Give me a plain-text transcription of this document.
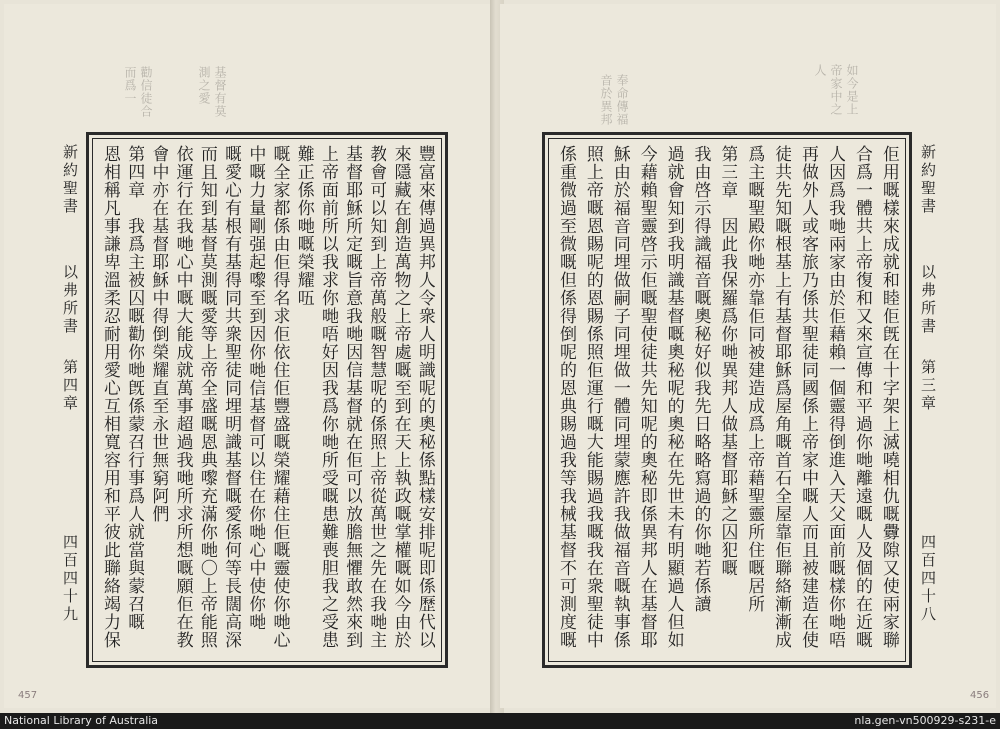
勸信徒合
而爲一	基督有莫
測之愛
新約聖書
以弗所書
第四章
四百四十九	豐富來傳過異邦人令衆人明識呢的奧秘係點樣安排呢即係歷代以
來隱藏在創造萬物之上帝處嘅至到在天上執政嘅掌權嘅如今由於
教會可以知到上帝萬般嘅智慧呢的係照上帝從萬世之先在我哋主
基督耶穌所定嘅旨意我哋因信基督就在佢可以放膽無懼敢然來到
上帝面前所以我求你哋唔好因我爲你哋所受嘅患難喪胆我之受患
難正係你哋嘅榮耀㕶
嘅全家都係由佢得名求佢依住佢豐盛嘅榮耀藉住佢嘅靈使你哋心
中嘅力量剛强起嚟至到因你哋信基督可以住在你哋心中使你哋
嘅愛心有根有基得同共衆聖徒同埋明識基督嘅愛係何等長闊高深
而且知到基督莫測嘅愛等上帝全盛嘅恩典嚟充滿你哋〇上帝能照
依運行在我哋心中嘅大能成就萬事超過我哋所求所想嘅願佢在教
會中亦在基督耶穌中得倒榮耀直至永世無窮阿們
第四章　我爲主被囚嘅勸你哋旣係蒙召行事爲人就當與蒙召嘅
恩相稱凡事謙卑溫柔忍耐用愛心互相寬容用和平彼此聯絡竭力保
457
如今是上
帝家中之
人
奉命傳福
音於異邦
新約聖書
以弗所書
第三章
四百四十八
佢用嘅樣來成就和睦佢旣在十字架上滅嘵相仇嘅釁隙又使兩家聯
合爲一體共上帝復和又來宣傳和平過你哋離遠嘅人及個的在近嘅
人因爲我哋兩家由於佢藉賴一個靈得倒進入天父面前嘅樣你哋唔
再做外人或客旅乃係共聖徒同國係上帝家中嘅人而且被建造在使
徒共先知嘅根基上有基督耶穌爲屋角嘅首石全屋靠佢聯絡漸漸成
爲主嘅聖殿你哋亦靠佢同被建造成爲上帝藉聖靈所住嘅居所
第三章　因此我保羅爲你哋異邦人做基督耶穌之囚犯嘅
我由啓示得識福音嘅奧秘好似我先日略略寫過的你哋若係讀
過就會知到我明識基督嘅奧秘呢的奧秘在先世未有明顯過人但如
今藉賴聖靈啓示佢嘅聖使徒共先知呢的奧秘即係異邦人在基督耶
穌由於福音同埋做嗣子同埋做一體同埋蒙應許我做福音嘅執事係
照上帝嘅恩賜呢的恩賜係照佢運行嘅大能賜過我嘅我在衆聖徒中
係重微過至微嘅但係得倒呢的恩典賜過我等我械基督不可測度嘅
456
National Library of Australia	nla.gen-vn500929-s231-e
